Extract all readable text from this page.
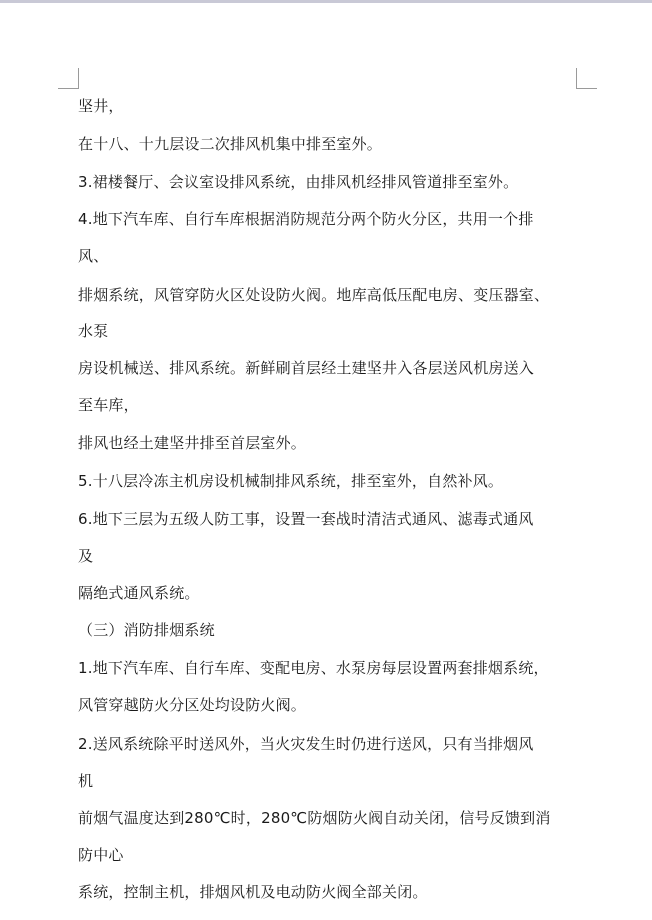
坚井，
在十八、十九层设二次排风机集中排至室外。
3.裙楼餐厅、会议室设排风系统，由排风机经排风管道排至室外。
4.地下汽车库、自行车库根据消防规范分两个防火分区，共用一个排
风、
排烟系统，风管穿防火区处设防火阀。地库高低压配电房、变压器室、
水泵
房设机械送、排风系统。新鲜刷首层经土建坚井入各层送风机房送入
至车库，
排风也经土建坚井排至首层室外。
5.十八层冷冻主机房设机械制排风系统，排至室外，自然补风。
6.地下三层为五级人防工事，设置一套战时清洁式通风、滤毒式通风
及
隔绝式通风系统。
（三）消防排烟系统
1.地下汽车库、自行车库、变配电房、水泵房每层设置两套排烟系统，
风管穿越防火分区处均设防火阀。
2.送风系统除平时送风外，当火灾发生时仍进行送风，只有当排烟风
机
前烟气温度达到280℃时，280℃防烟防火阀自动关闭，信号反馈到消
防中心
系统，控制主机，排烟风机及电动防火阀全部关闭。
